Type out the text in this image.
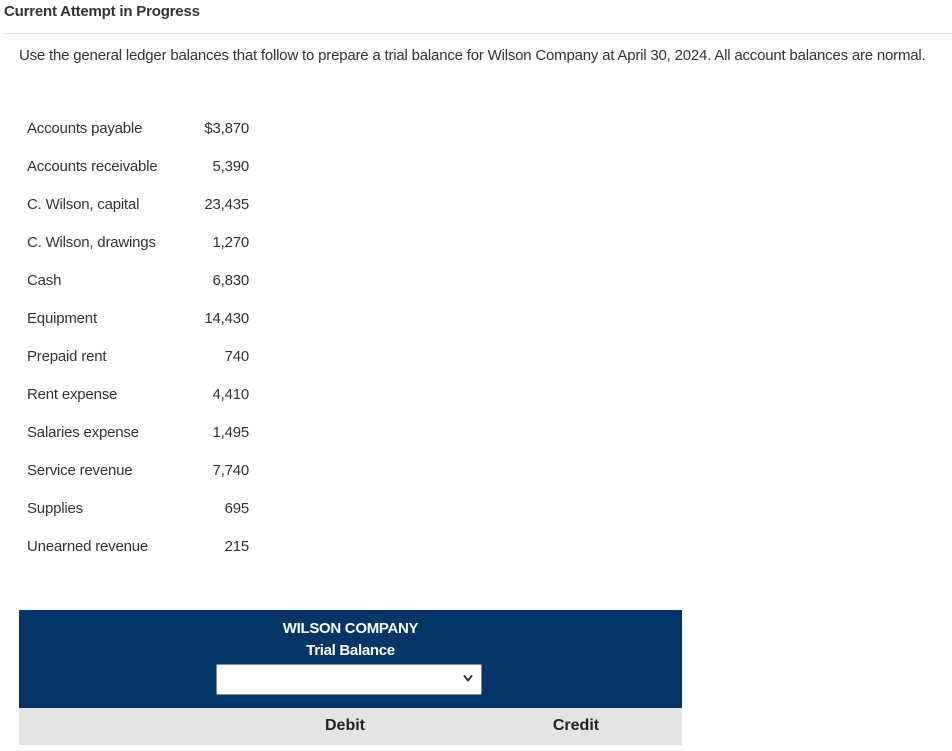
Current Attempt in Progress
Use the general ledger balances that follow to prepare a trial balance for Wilson Company at April 30, 2024. All account balances are normal.
Accounts payable	$3,870
Accounts receivable	5,390
C. Wilson, capital	23,435
C. Wilson, drawings	1,270
Cash	6,830
Equipment	14,430
Prepaid rent	740
Rent expense	4,410
Salaries expense	1,495
Service revenue	7,740
Supplies	695
Unearned revenue	215
WILSON COMPANY
Trial Balance
Debit	Credit
